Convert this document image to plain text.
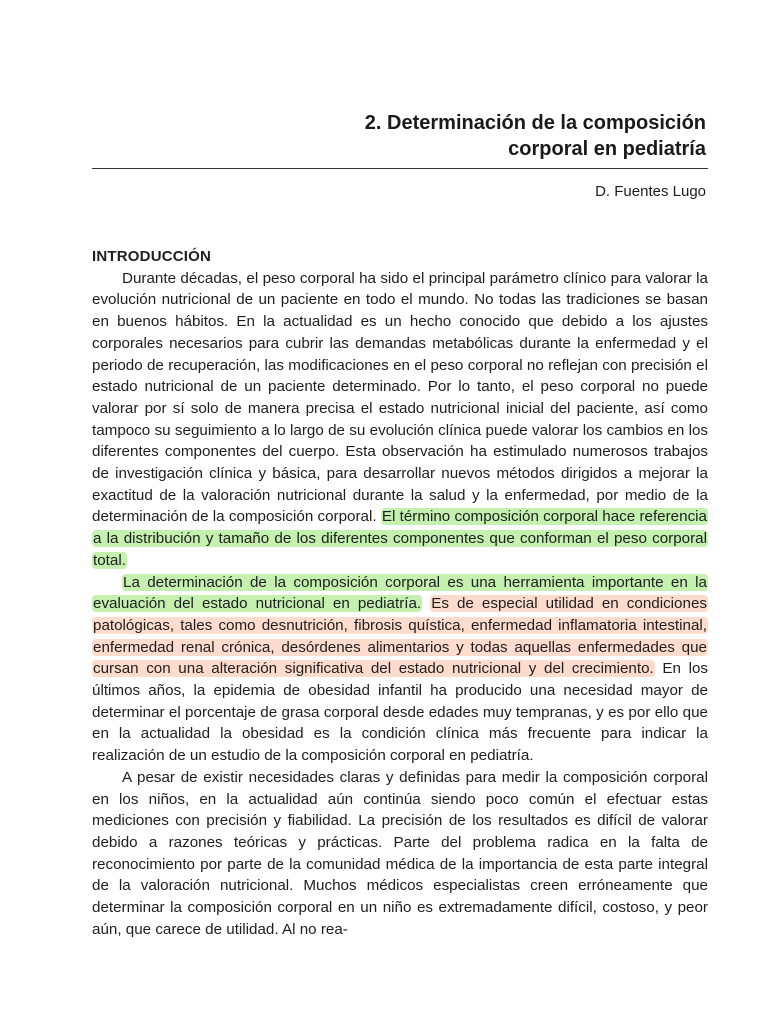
2. Determinación de la composición
corporal en pediatría
D. Fuentes Lugo
INTRODUCCIÓN

Durante décadas, el peso corporal ha sido el principal parámetro clínico para valorar la evolución nutricional de un paciente en todo el mundo. No todas las tradiciones se basan en buenos hábitos. En la actualidad es un hecho conocido que debido a los ajustes corporales necesarios para cubrir las demandas metabólicas durante la enfermedad y el periodo de recuperación, las modificaciones en el peso corporal no reflejan con precisión el estado nutricional de un paciente determinado. Por lo tanto, el peso corporal no puede valorar por sí solo de manera precisa el estado nutricional inicial del paciente, así como tampoco su seguimiento a lo largo de su evolución clínica puede valorar los cambios en los diferentes componentes del cuerpo. Esta observación ha estimulado numerosos trabajos de investigación clínica y básica, para desarrollar nuevos métodos dirigidos a mejorar la exactitud de la valoración nutricional durante la salud y la enfermedad, por medio de la determinación de la composición corporal. El término composición corporal hace referencia a la distribución y tamaño de los diferentes componentes que conforman el peso corporal total.

La determinación de la composición corporal es una herramienta importante en la evaluación del estado nutricional en pediatría. Es de especial utilidad en condiciones patológicas, tales como desnutrición, fibrosis quística, enfermedad inflamatoria intestinal, enfermedad renal crónica, desórdenes alimentarios y todas aquellas enfermedades que cursan con una alteración significativa del estado nutricional y del crecimiento. En los últimos años, la epidemia de obesidad infantil ha producido una necesidad mayor de determinar el porcentaje de grasa corporal desde edades muy tempranas, y es por ello que en la actualidad la obesidad es la condición clínica más frecuente para indicar la realización de un estudio de la composición corporal en pediatría.

A pesar de existir necesidades claras y definidas para medir la composición corporal en los niños, en la actualidad aún continúa siendo poco común el efectuar estas mediciones con precisión y fiabilidad. La precisión de los resultados es difícil de valorar debido a razones teóricas y prácticas. Parte del problema radica en la falta de reconocimiento por parte de la comunidad médica de la importancia de esta parte integral de la valoración nutricional. Muchos médicos especialistas creen erróneamente que determinar la composición corporal en un niño es extremadamente difícil, costoso, y peor aún, que carece de utilidad. Al no rea-
